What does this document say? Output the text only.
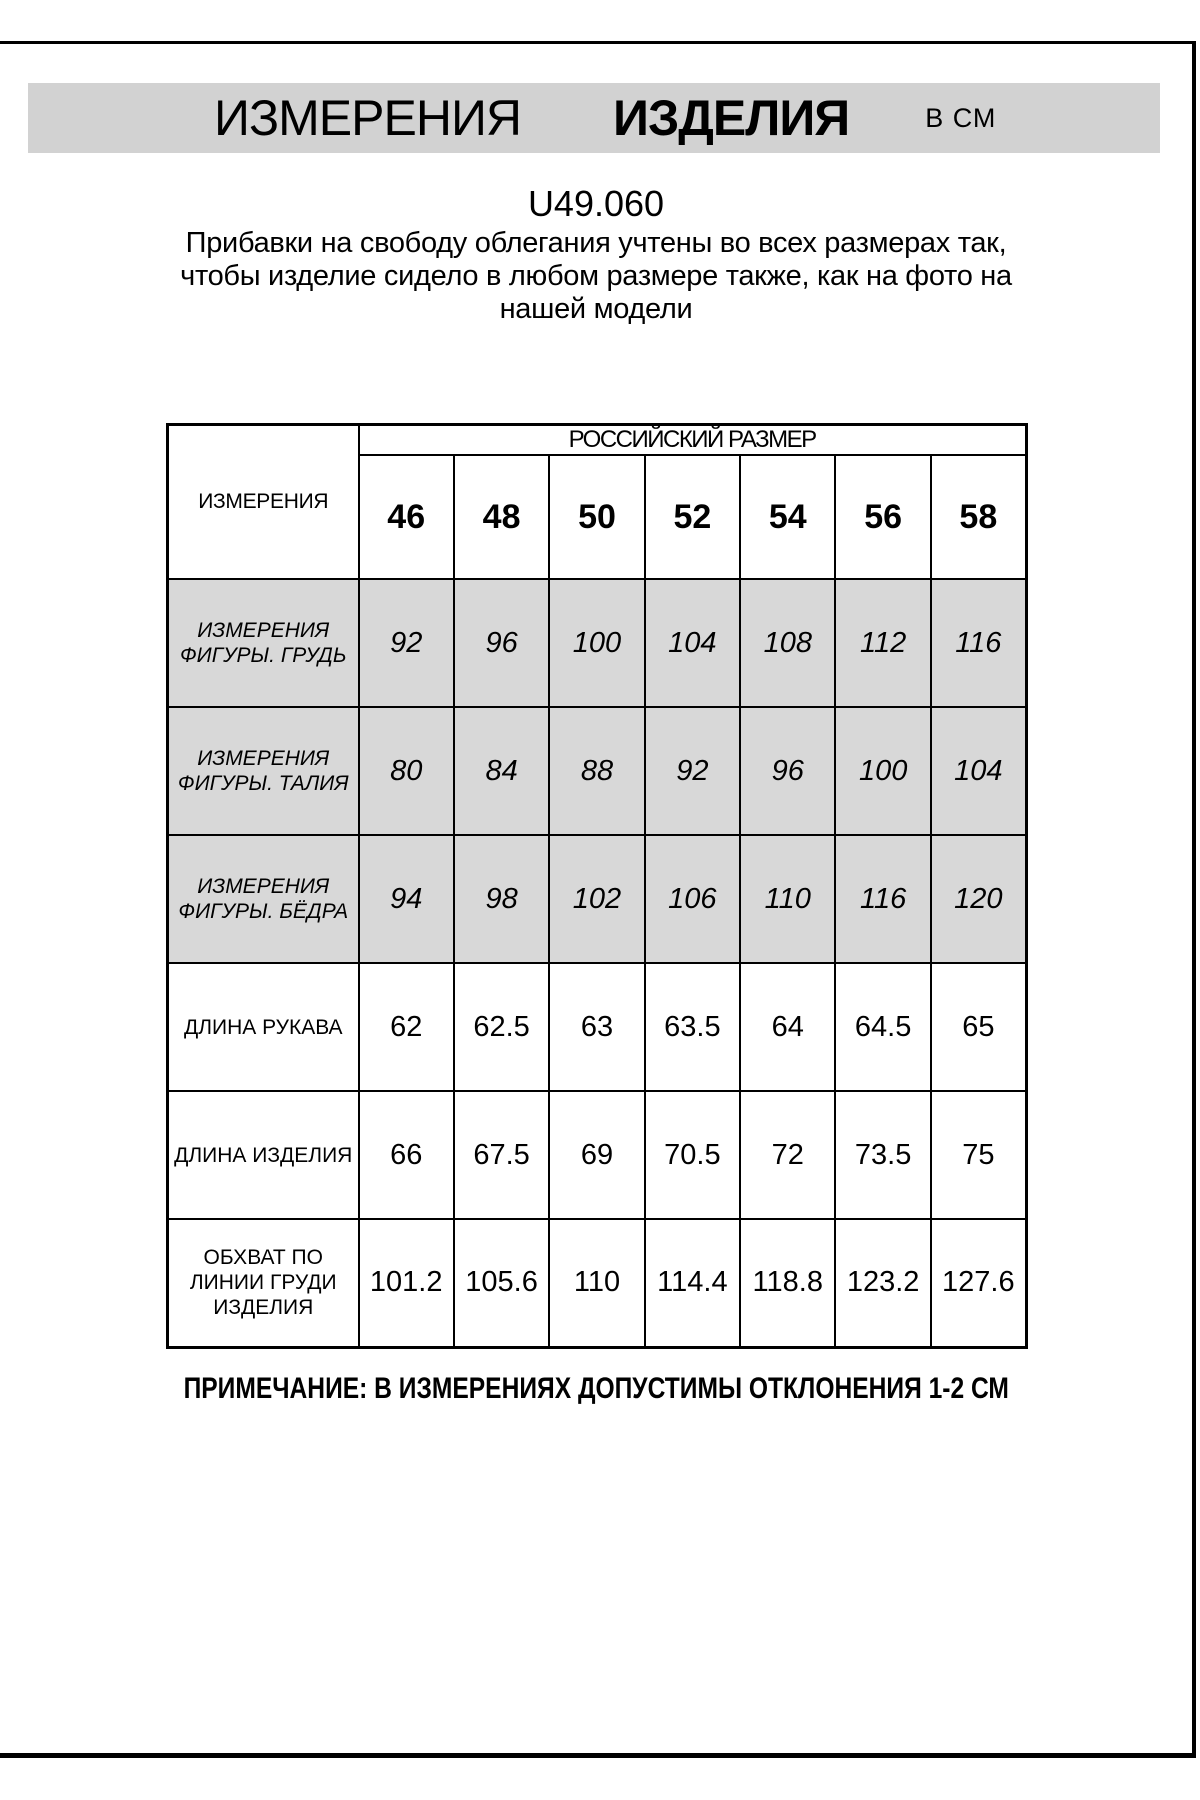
ИЗМЕРЕНИЯ ИЗДЕЛИЯ	В СМ
U49.060
Прибавки на свободу облегания учтены во всех размерах так,
чтобы изделие сидело в любом размере также, как на фото на
нашей модели
ИЗМЕРЕНИЯ	РОССИЙСКИЙ РАЗМЕР						
	46	48	50	52	54	56	58

ИЗМЕРЕНИЯ
ФИГУРЫ. ГРУДЬ	92	96	100	104	108	112	116

ИЗМЕРЕНИЯ
ФИГУРЫ. ТАЛИЯ	80	84	88	92	96	100	104

ИЗМЕРЕНИЯ
ФИГУРЫ. БЁДРА	94	98	102	106	110	116	120

ДЛИНА РУКАВА	62	62.5	63	63.5	64	64.5	65

ДЛИНА ИЗДЕЛИЯ	66	67.5	69	70.5	72	73.5	75

ОБХВАТ ПО
ЛИНИИ ГРУДИ
ИЗДЕЛИЯ	101.2	105.6	110	114.4	118.8	123.2	127.6
ПРИМЕЧАНИЕ: В ИЗМЕРЕНИЯХ ДОПУСТИМЫ ОТКЛОНЕНИЯ 1-2 СМ
